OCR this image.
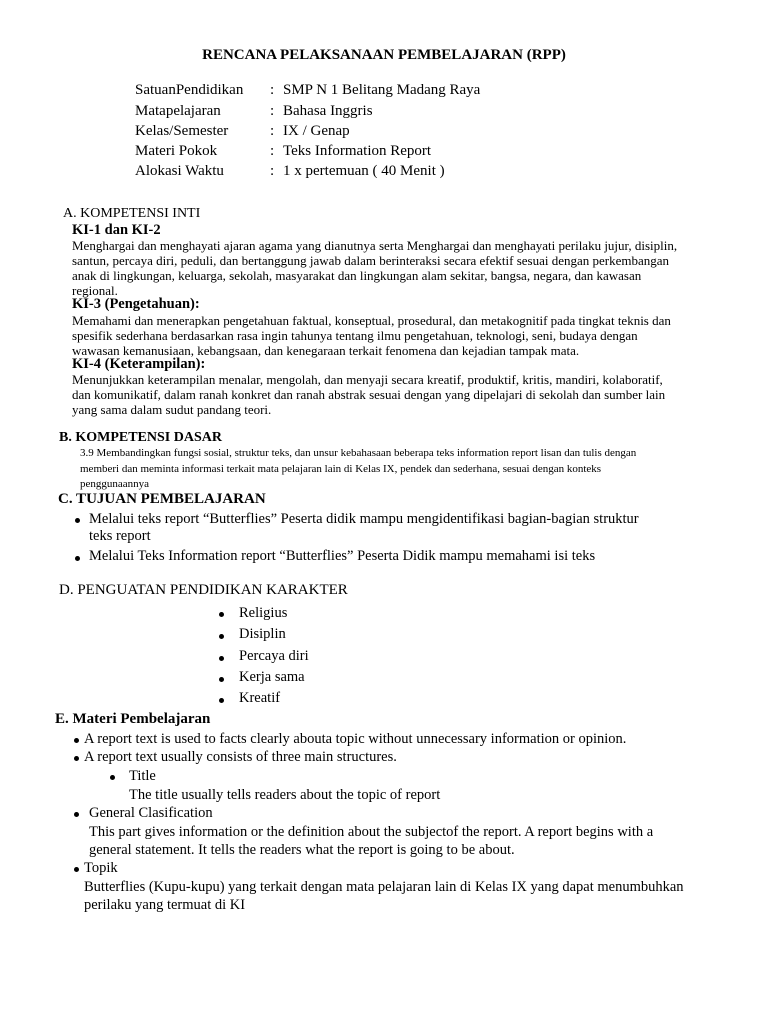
RENCANA PELAKSANAAN PEMBELAJARAN (RPP)
SatuanPendidikan : SMP N 1 Belitang Madang Raya
Matapelajaran	: Bahasa Inggris
Kelas/Semester	: IX / Genap
Materi Pokok	: Teks Information Report
Alokasi Waktu	: 1 x pertemuan ( 40 Menit )
A. KOMPETENSI INTI
KI-1 dan KI-2
Menghargai dan menghayati ajaran agama yang dianutnya serta Menghargai dan menghayati perilaku jujur, disiplin,
santun, percaya diri, peduli, dan bertanggung jawab dalam berinteraksi secara efektif sesuai dengan perkembangan
anak di lingkungan, keluarga, sekolah, masyarakat dan lingkungan alam sekitar, bangsa, negara, dan kawasan
regional.
KI-3 (Pengetahuan):
Memahami dan menerapkan pengetahuan faktual, konseptual, prosedural, dan metakognitif pada tingkat teknis dan
spesifik sederhana berdasarkan rasa ingin tahunya tentang ilmu pengetahuan, teknologi, seni, budaya dengan
wawasan kemanusiaan, kebangsaan, dan kenegaraan terkait fenomena dan kejadian tampak mata.
KI-4 (Keterampilan):
Menunjukkan keterampilan menalar, mengolah, dan menyaji secara kreatif, produktif, kritis, mandiri, kolaboratif,
dan komunikatif, dalam ranah konkret dan ranah abstrak sesuai dengan yang dipelajari di sekolah dan sumber lain
yang sama dalam sudut pandang teori.
B. KOMPETENSI DASAR
3.9 Membandingkan fungsi sosial, struktur teks, dan unsur kebahasaan beberapa teks information report lisan dan tulis dengan
memberi dan meminta informasi terkait mata pelajaran lain di Kelas IX, pendek dan sederhana, sesuai dengan konteks
penggunaannya
C. TUJUAN PEMBELAJARAN
Melalui teks report “Butterflies” Peserta didik mampu mengidentifikasi bagian-bagian struktur
teks report
Melalui Teks Information report “Butterflies” Peserta Didik mampu memahami isi teks
D. PENGUATAN PENDIDIKAN KARAKTER
Religius
Disiplin
Percaya diri
Kerja sama
Kreatif
E. Materi Pembelajaran
A report text is used to facts clearly abouta topic without unnecessary information or opinion.
A report text usually consists of three main structures.
Title
The title usually tells readers about the topic of report
General Clasification
This part gives information or the definition about the subjectof the report. A report begins with a
general statement. It tells the readers what the report is going to be about.
Topik
Butterflies (Kupu-kupu) yang terkait dengan mata pelajaran lain di Kelas IX yang dapat menumbuhkan
perilaku yang termuat di KI
